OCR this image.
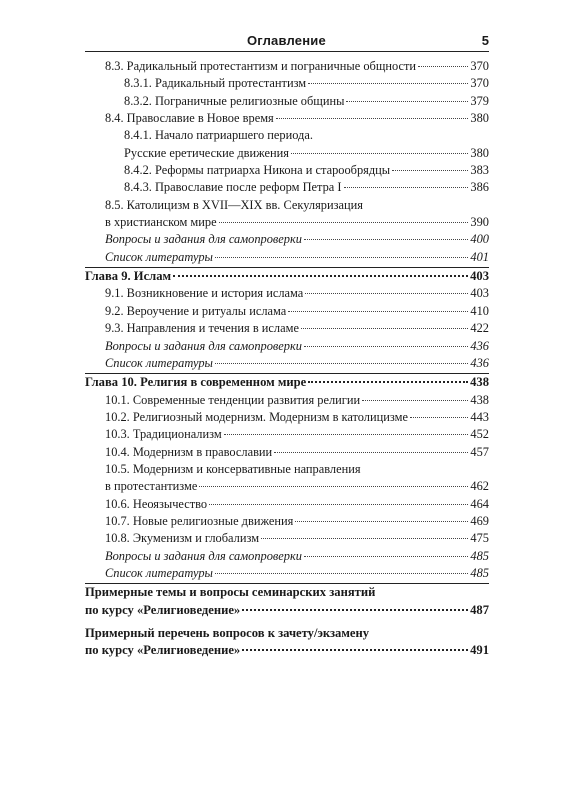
Оглавление	5
8.3. Радикальный протестантизм и пограничные общности	370
8.3.1. Радикальный протестантизм	370
8.3.2. Пограничные религиозные общины	379
8.4. Православие в Новое время	380
8.4.1. Начало патриаршего периода.
Русские еретические движения	380
8.4.2. Реформы патриарха Никона и старообрядцы	383
8.4.3. Православие после реформ Петра I	386
8.5. Католицизм в XVII—XIX вв. Секуляризация
в христианском мире	390
Вопросы и задания для самопроверки	400
Список литературы	401
Глава 9. Ислам	403
9.1. Возникновение и история ислама	403
9.2. Вероучение и ритуалы ислама	410
9.3. Направления и течения в исламе	422
Вопросы и задания для самопроверки	436
Список литературы	436
Глава 10. Религия в современном мире	438
10.1. Современные тенденции развития религии	438
10.2. Религиозный модернизм. Модернизм в католицизме	443
10.3. Традиционализм	452
10.4. Модернизм в православии	457
10.5. Модернизм и консервативные направления
в протестантизме	462
10.6. Неоязычество	464
10.7. Новые религиозные движения	469
10.8. Экуменизм и глобализм	475
Вопросы и задания для самопроверки	485
Список литературы	485
Примерные темы и вопросы семинарских занятий
по курсу «Религиоведение»	487
Примерный перечень вопросов к зачету/экзамену
по курсу «Религиоведение»	491
